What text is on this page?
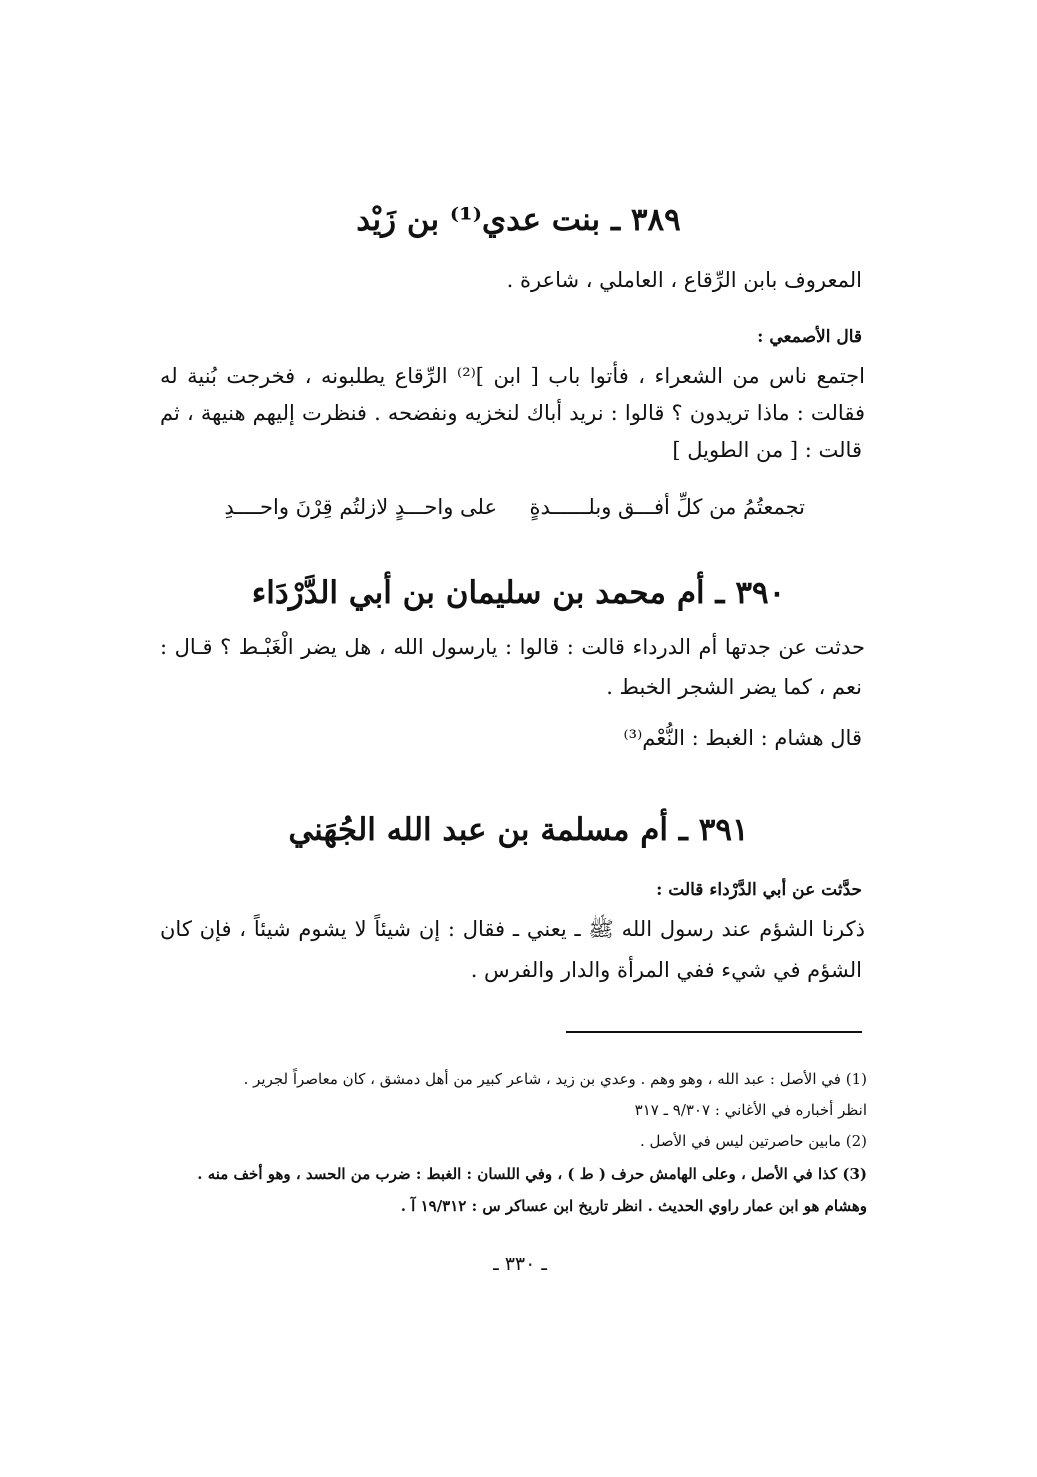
٣٨٩ ـ بنت عدي⁽¹⁾ بن زَيْد
المعروف بابن الرِّقاع ، العاملي ، شاعرة .
قال الأصمعي :
اجتمع ناس من الشعراء ، فأتوا باب [ ابن ]⁽²⁾ الرِّقاع يطلبونه ، فخرجت بُنية له
فقالت : ماذا تريدون ؟ قالوا : نريد أباك لنخزيه ونفضحه . فنظرت إليهم هنيهة ، ثم
قالت : [ من الطويل ]
تجمعتُمُ من كلِّ أفـــق وبلــــــدةٍ
على واحـــدٍ لازلتُم قِرْنَ واحــــدِ
٣٩٠ ـ أم محمد بن سليمان بن أبي الدَّرْدَاء
حدثت عن جدتها أم الدرداء قالت : قالوا : يارسول الله ، هل يضر الْغَبْـط ؟ قـال :
نعم ، كما يضر الشجر الخبط .
قال هشام : الغبط : النُّعْم⁽³⁾
٣٩١ ـ أم مسلمة بن عبد الله الجُهَني
حدَّثت عن أبي الدَّرْداء قالت :
ذكرنا الشؤم عند رسول الله ﷺ ـ يعني ـ فقال : إن شيئاً لا يشوم شيئاً ، فإن كان
الشؤم في شيء ففي المرأة والدار والفرس .
(1) في الأصل : عبد الله ، وهو وهم . وعدي بن زيد ، شاعر كبير من أهل دمشق ، كان معاصراً لجرير .
انظر أخباره في الأغاني : ٩/٣٠٧ ـ ٣١٧
(2) مابين حاصرتين ليس في الأصل .
(3) كذا في الأصل ، وعلى الهامش حرف ( ط ) ، وفي اللسان : الغبط : ضرب من الحسد ، وهو أخف منه .
وهشام هو ابن عمار راوي الحديث . انظر تاريخ ابن عساكر س : ١٩/٣١٢ آ .
ـ ٣٣٠ ـ
